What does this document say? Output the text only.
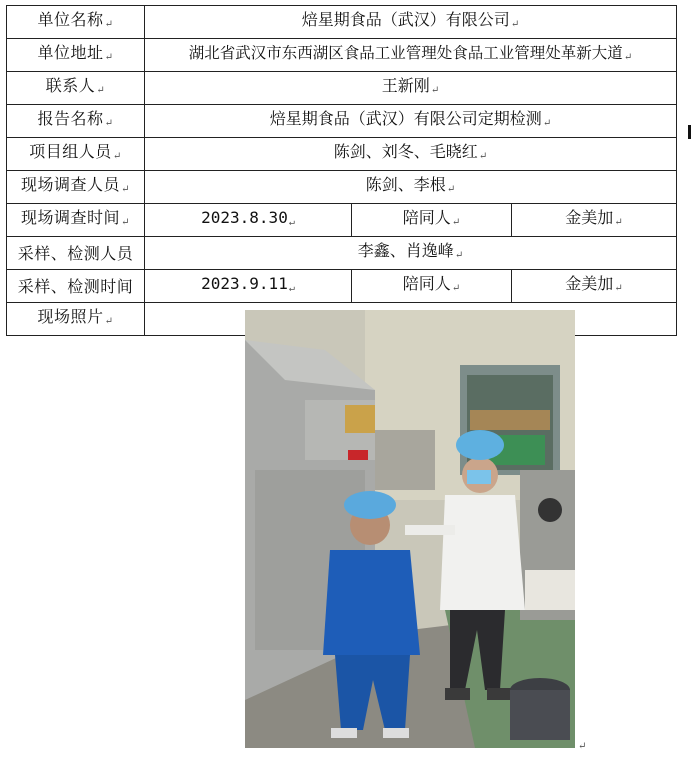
单位名称↵	焙星期食品（武汉）有限公司↵		
单位地址↵	湖北省武汉市东西湖区食品工业管理处食品工业管理处革新大道↵		
联系人↵	王新刚↵		
报告名称↵	焙星期食品（武汉）有限公司定期检测↵		
项目组人员↵	陈剑、刘冬、毛晓红↵		
现场调查人员↵	陈剑、李根↵		
现场调查时间↵	2023.8.30↵	陪同人↵	金美加↵
采样、检测人员	李鑫、肖逸峰↵		
采样、检测时间	2023.9.11↵	陪同人↵	金美加↵
现场照片↵	↵		
